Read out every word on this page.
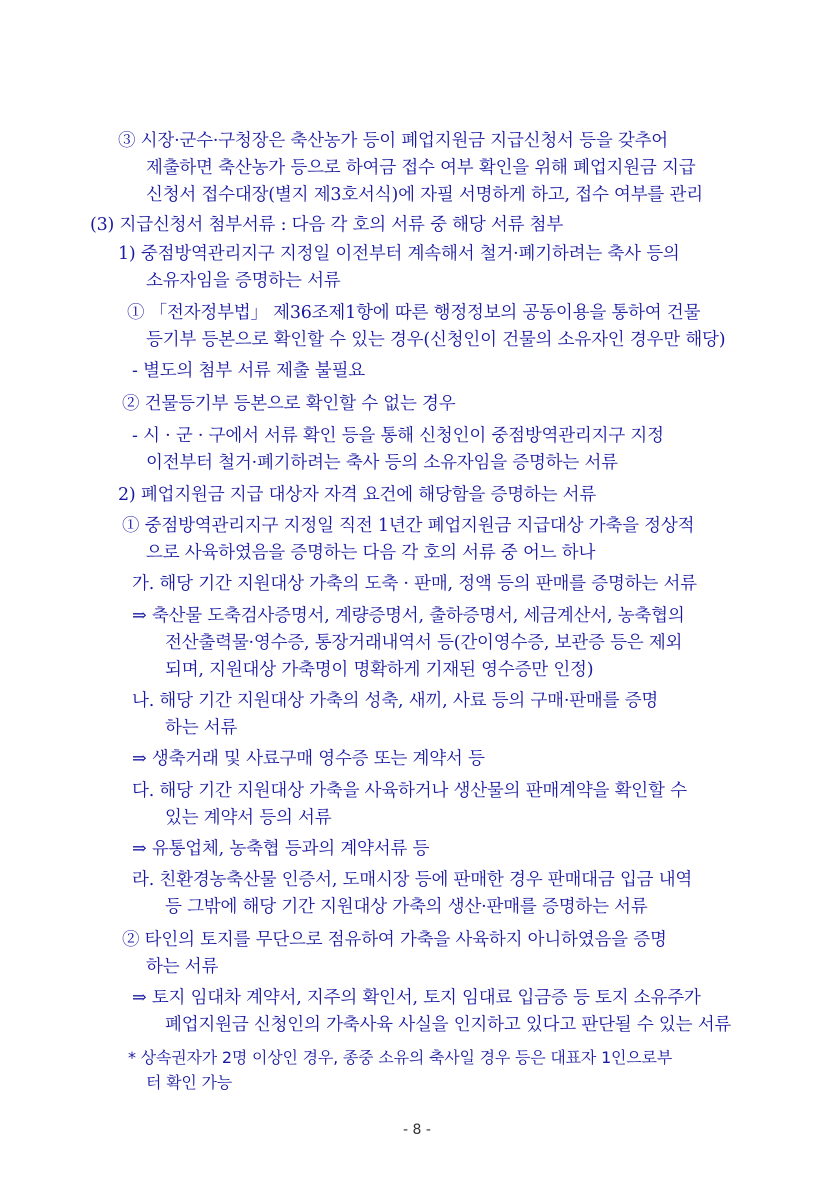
③ 시장·군수·구청장은 축산농가 등이 폐업지원금 지급신청서 등을 갖추어
제출하면 축산농가 등으로 하여금 접수 여부 확인을 위해 폐업지원금 지급
신청서 접수대장(별지 제3호서식)에 자필 서명하게 하고, 접수 여부를 관리
(3) 지급신청서 첨부서류 : 다음 각 호의 서류 중 해당 서류 첨부
1) 중점방역관리지구 지정일 이전부터 계속해서 철거·폐기하려는 축사 등의
소유자임을 증명하는 서류
① 「전자정부법」 제36조제1항에 따른 행정정보의 공동이용을 통하여 건물
등기부 등본으로 확인할 수 있는 경우(신청인이 건물의 소유자인 경우만 해당)
- 별도의 첨부 서류 제출 불필요
② 건물등기부 등본으로 확인할 수 없는 경우
- 시 · 군 · 구에서 서류 확인 등을 통해 신청인이 중점방역관리지구 지정
이전부터 철거·폐기하려는 축사 등의 소유자임을 증명하는 서류
2) 폐업지원금 지급 대상자 자격 요건에 해당함을 증명하는 서류
① 중점방역관리지구 지정일 직전 1년간 폐업지원금 지급대상 가축을 정상적
으로 사육하였음을 증명하는 다음 각 호의 서류 중 어느 하나
가. 해당 기간 지원대상 가축의 도축 · 판매, 정액 등의 판매를 증명하는 서류
⇒ 축산물 도축검사증명서, 계량증명서, 출하증명서, 세금계산서, 농축협의
전산출력물·영수증, 통장거래내역서 등(간이영수증, 보관증 등은 제외
되며, 지원대상 가축명이 명확하게 기재된 영수증만 인정)
나. 해당 기간 지원대상 가축의 성축, 새끼, 사료 등의 구매·판매를 증명
하는 서류
⇒ 생축거래 및 사료구매 영수증 또는 계약서 등
다. 해당 기간 지원대상 가축을 사육하거나 생산물의 판매계약을 확인할 수
있는 계약서 등의 서류
⇒ 유통업체, 농축협 등과의 계약서류 등
라. 친환경농축산물 인증서, 도매시장 등에 판매한 경우 판매대금 입금 내역
등 그밖에 해당 기간 지원대상 가축의 생산·판매를 증명하는 서류
② 타인의 토지를 무단으로 점유하여 가축을 사육하지 아니하였음을 증명
하는 서류
⇒ 토지 임대차 계약서, 지주의 확인서, 토지 임대료 입금증 등 토지 소유주가
폐업지원금 신청인의 가축사육 사실을 인지하고 있다고 판단될 수 있는 서류
* 상속권자가 2명 이상인 경우, 종중 소유의 축사일 경우 등은 대표자 1인으로부
터 확인 가능
- 8 -
